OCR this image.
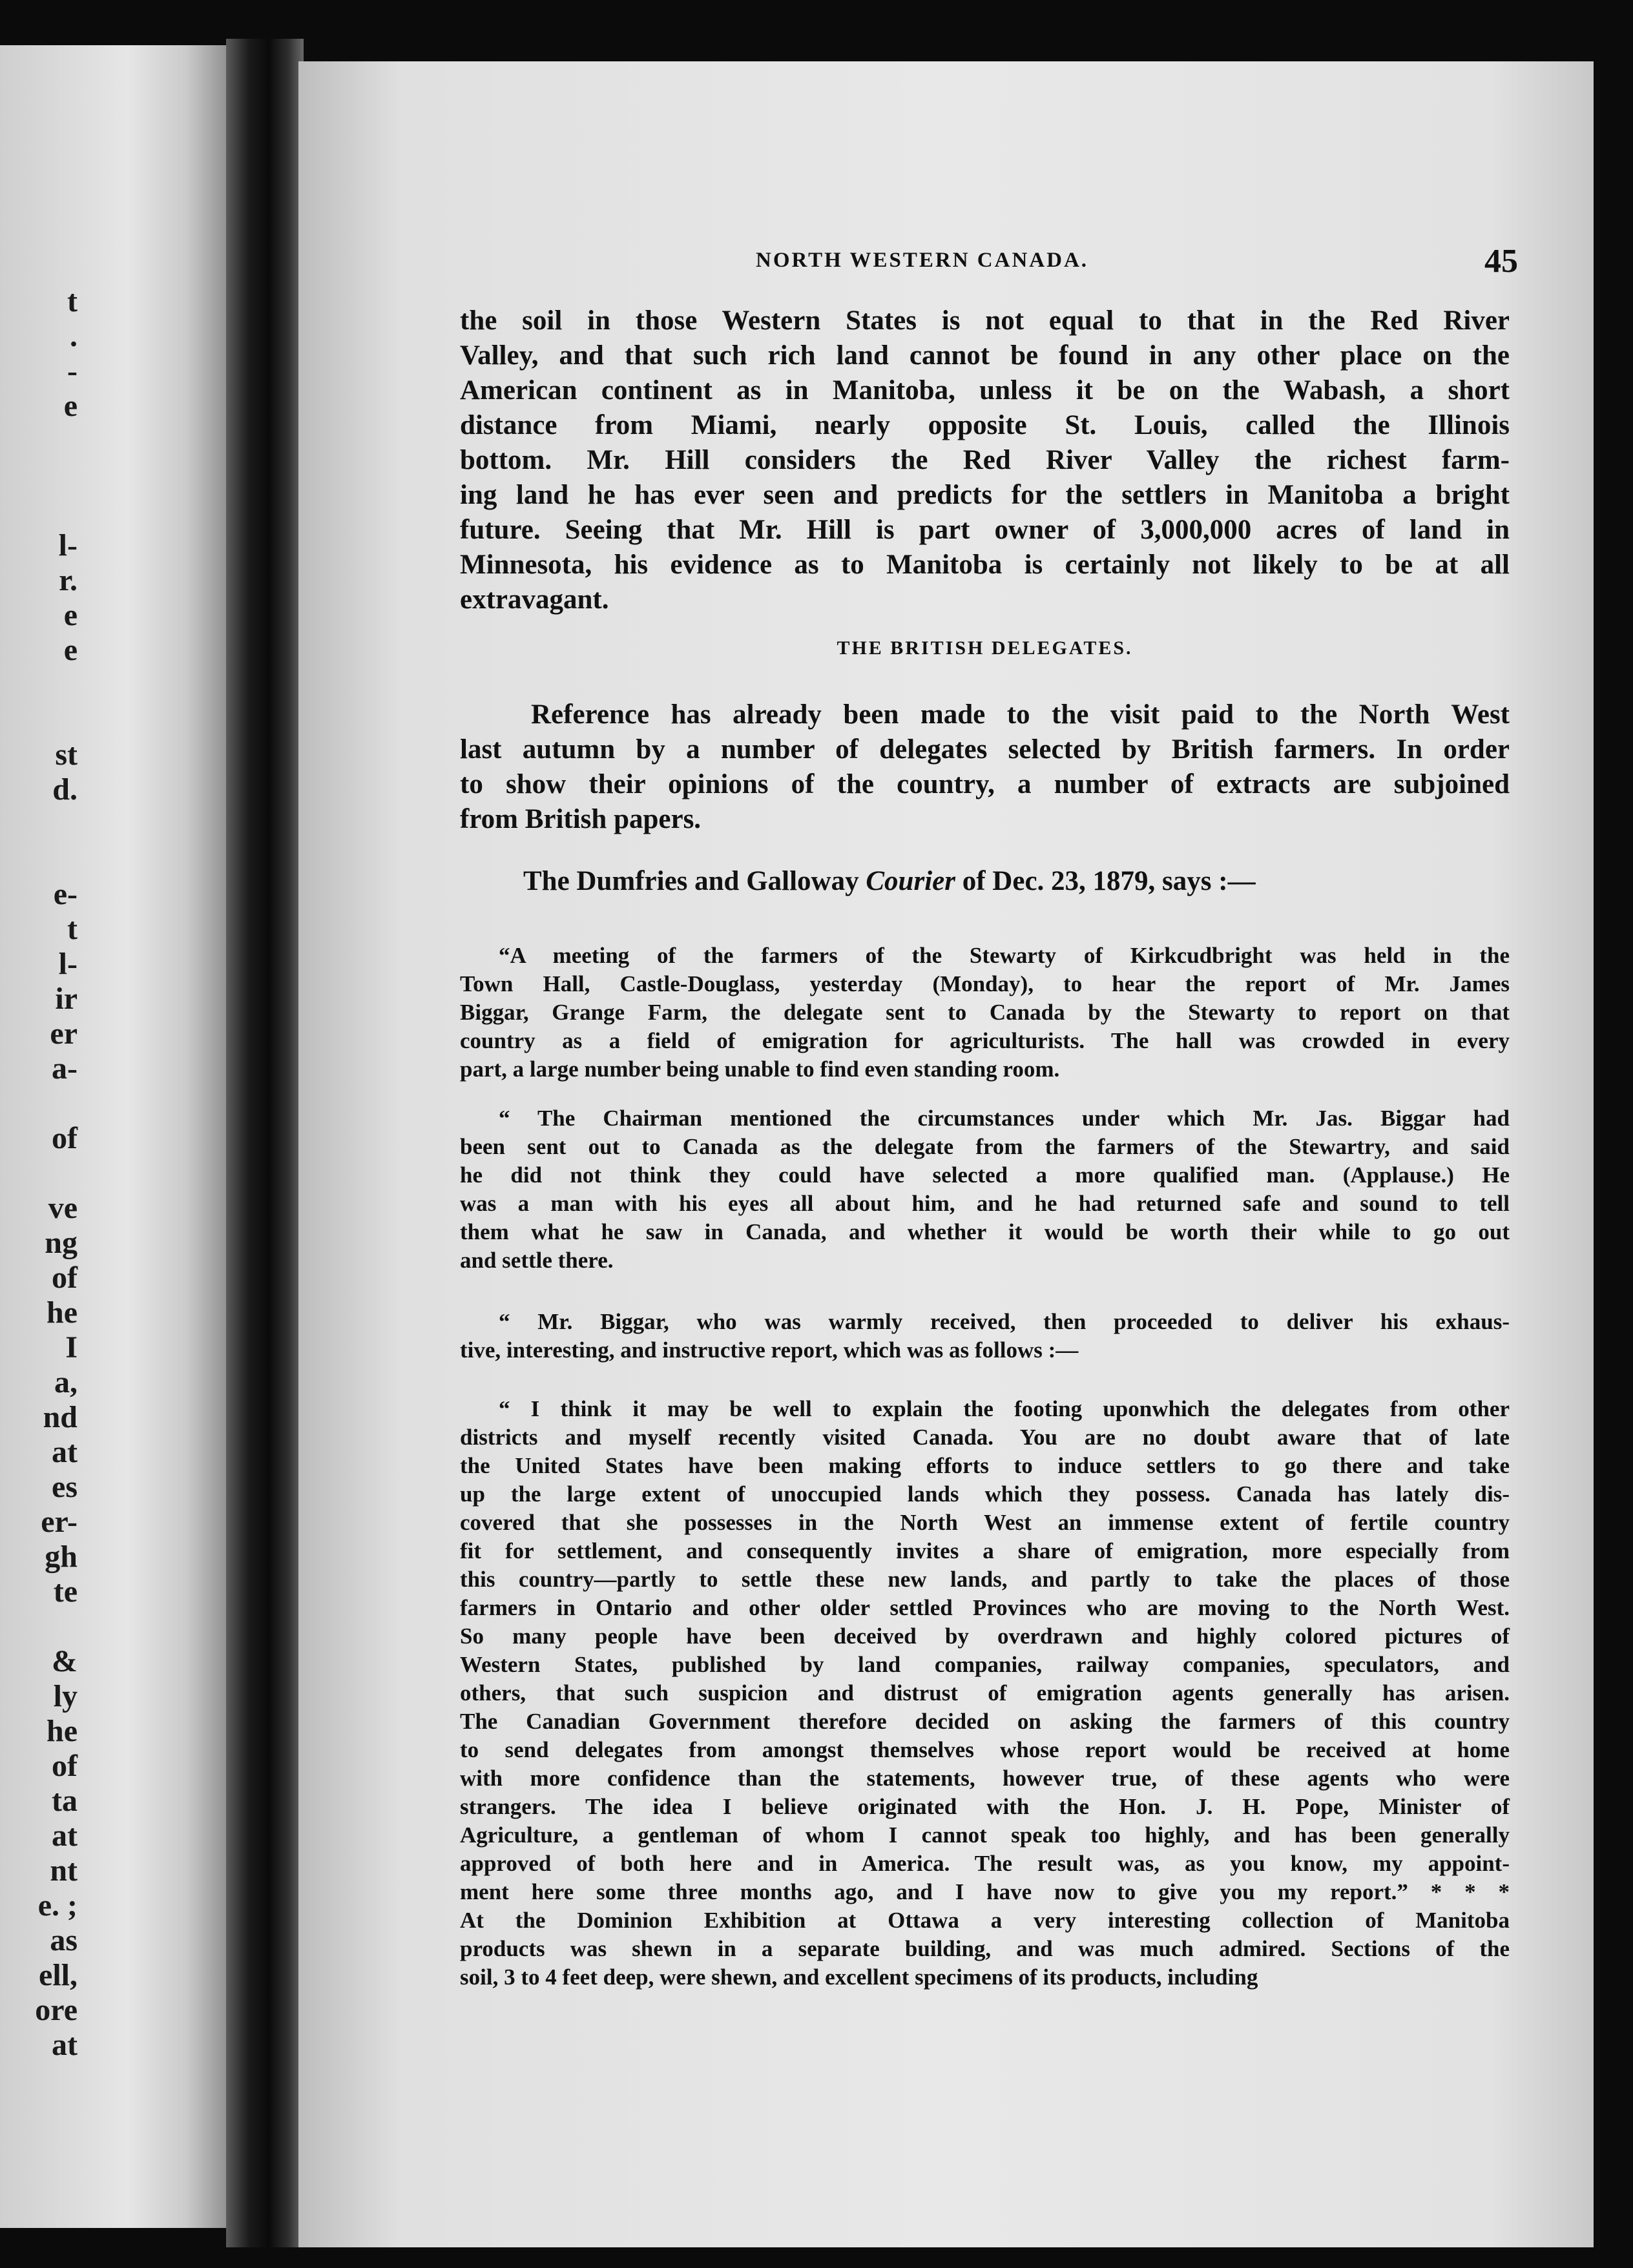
t
.
-
e

l-
r.
e
e

st
d.

e-
t
l-
ir
er
a-

of

ve
ng
of
he
I
a,
nd
at
es
er-
gh
te

&
ly
he
of
ta
at
nt
e. ;
as
ell,
ore
at
NORTH WESTERN CANADA.	45
the soil in those Western States is not equal to that in the Red River
Valley, and that such rich land cannot be found in any other place on the
American continent as in Manitoba, unless it be on the Wabash, a short
distance from Miami, nearly opposite St. Louis, called the Illinois
bottom. Mr. Hill considers the Red River Valley the richest farm-
ing land he has ever seen and predicts for the settlers in Manitoba a bright
future. Seeing that Mr. Hill is part owner of 3,000,000 acres of land in
Minnesota, his evidence as to Manitoba is certainly not likely to be at all
extravagant.
THE BRITISH DELEGATES.
Reference has already been made to the visit paid to the North West
last autumn by a number of delegates selected by British farmers. In order
to show their opinions of the country, a number of extracts are subjoined
from British papers.
The Dumfries and Galloway Courier of Dec. 23, 1879, says :—
“A meeting of the farmers of the Stewarty of Kirkcudbright was held in the
Town Hall, Castle-Douglass, yesterday (Monday), to hear the report of Mr. James
Biggar, Grange Farm, the delegate sent to Canada by the Stewarty to report on that
country as a field of emigration for agriculturists. The hall was crowded in every
part, a large number being unable to find even standing room.
“ The Chairman mentioned the circumstances under which Mr. Jas. Biggar had
been sent out to Canada as the delegate from the farmers of the Stewartry, and said
he did not think they could have selected a more qualified man. (Applause.) He
was a man with his eyes all about him, and he had returned safe and sound to tell
them what he saw in Canada, and whether it would be worth their while to go out
and settle there.
“ Mr. Biggar, who was warmly received, then proceeded to deliver his exhaus-
tive, interesting, and instructive report, which was as follows :—
“ I think it may be well to explain the footing uponwhich the delegates from other
districts and myself recently visited Canada. You are no doubt aware that of late
the United States have been making efforts to induce settlers to go there and take
up the large extent of unoccupied lands which they possess. Canada has lately dis-
covered that she possesses in the North West an immense extent of fertile country
fit for settlement, and consequently invites a share of emigration, more especially from
this country—partly to settle these new lands, and partly to take the places of those
farmers in Ontario and other older settled Provinces who are moving to the North West.
So many people have been deceived by overdrawn and highly colored pictures of
Western States, published by land companies, railway companies, speculators, and
others, that such suspicion and distrust of emigration agents generally has arisen.
The Canadian Government therefore decided on asking the farmers of this country
to send delegates from amongst themselves whose report would be received at home
with more confidence than the statements, however true, of these agents who were
strangers. The idea I believe originated with the Hon. J. H. Pope, Minister of
Agriculture, a gentleman of whom I cannot speak too highly, and has been generally
approved of both here and in America. The result was, as you know, my appoint-
ment here some three months ago, and I have now to give you my report.” * * *
At the Dominion Exhibition at Ottawa a very interesting collection of Manitoba
products was shewn in a separate building, and was much admired. Sections of the
soil, 3 to 4 feet deep, were shewn, and excellent specimens of its products, including
